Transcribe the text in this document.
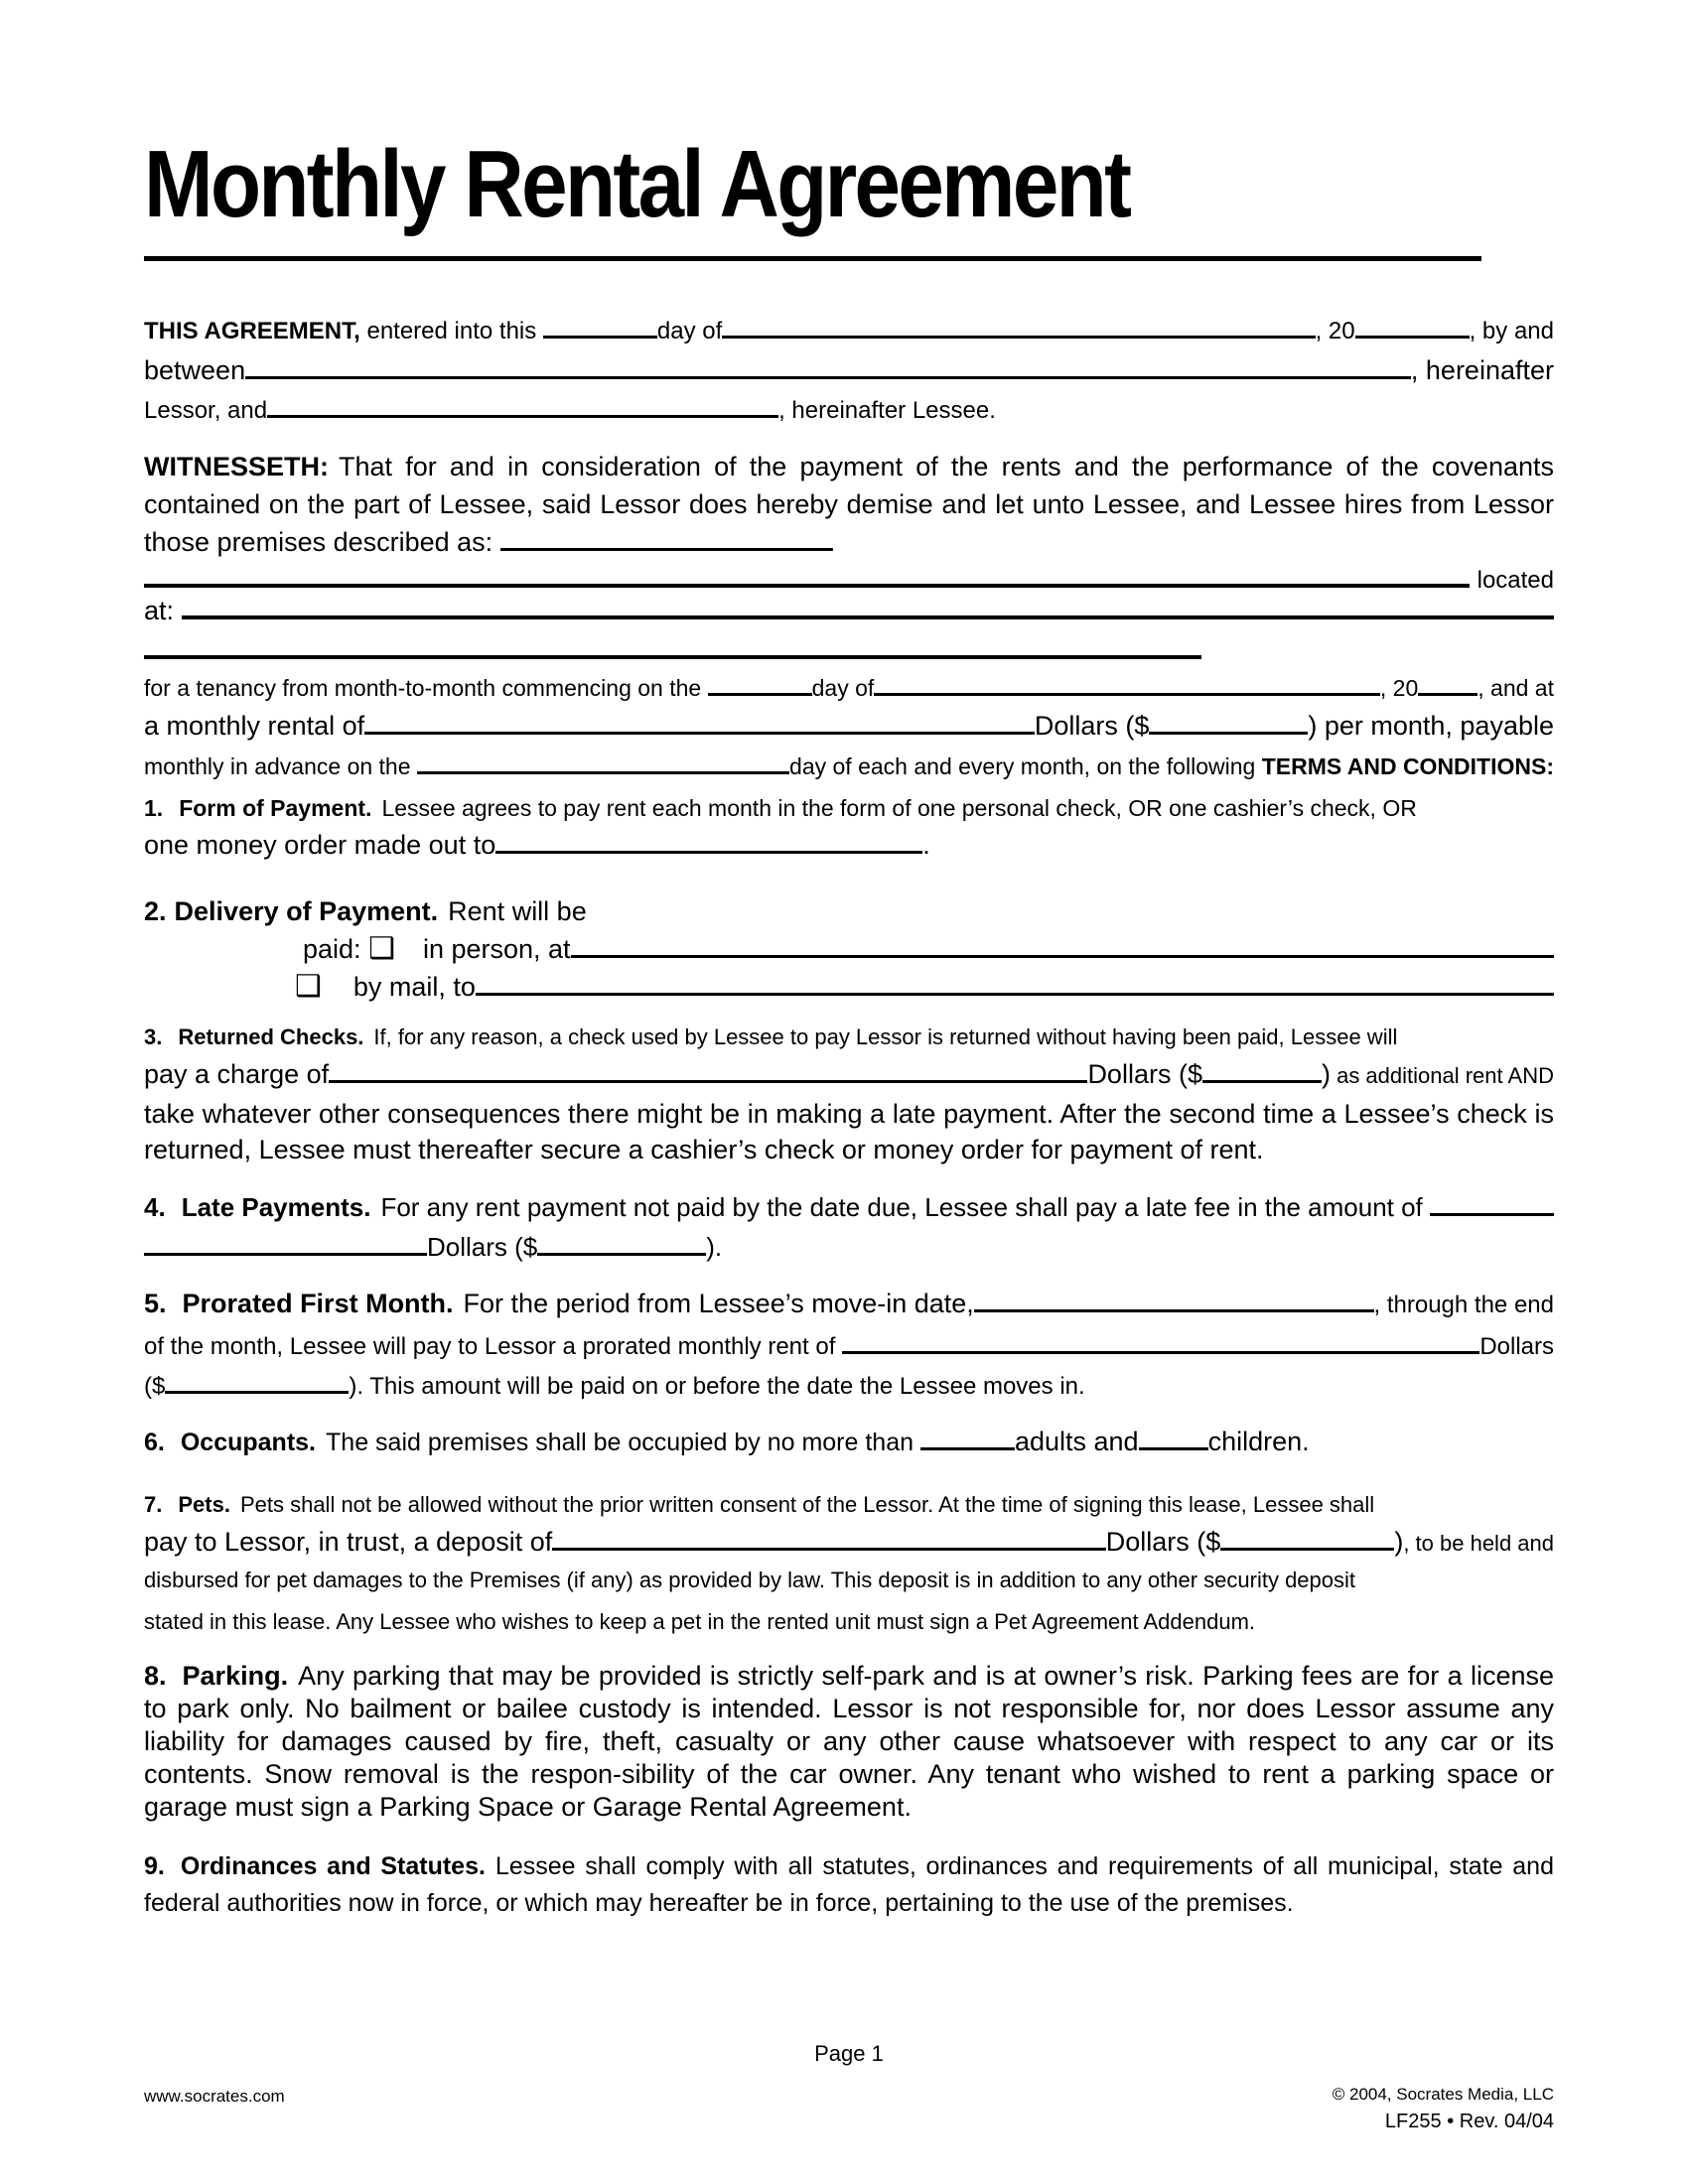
Monthly Rental Agreement
THIS AGREEMENT, entered into this	day of	, 20	, by and
between	, hereinafter
Lessor, and	, hereinafter Lessee.

WITNESSETH: That for and in consideration of the payment of the rents and the performance of the covenants contained on the part of Lessee, said Lessor does hereby demise and let unto Lessee, and Lessee hires from Lessor those premises described as:

located
at:
for a tenancy from month-to-month commencing on the	day of	, 20	, and at
a monthly rental of	Dollars ($	) per month, payable
monthly in advance on the	day of each and every month, on the following TERMS AND CONDITIONS:
1. Form of Payment. Lessee agrees to pay rent each month in the form of one personal check, OR one cashier’s check, OR
one money order made out to	.
2. Delivery of Payment. Rent will be
paid: ❑ in person, at
❑ by mail, to
3. Returned Checks. If, for any reason, a check used by Lessee to pay Lessor is returned without having been paid, Lessee will
pay a charge of	Dollars ($	) as additional rent AND

take whatever other consequences there might be in making a late payment. After the second time a Lessee’s check is returned, Lessee must thereafter secure a cashier’s check or money order for payment of rent.

4. Late Payments. For any rent payment not paid by the date due, Lessee shall pay a late fee in the amount of
Dollars ($	).
5. Prorated First Month. For the period from Lessee’s move-in date,	, through the end
of the month, Lessee will pay to Lessor a prorated monthly rent of	Dollars
($	). This amount will be paid on or before the date the Lessee moves in.
6. Occupants. The said premises shall be occupied by no more than	adults and	children.
7. Pets. Pets shall not be allowed without the prior written consent of the Lessor. At the time of signing this lease, Lessee shall
pay to Lessor, in trust, a deposit of	Dollars ($	) , to be held and
disbursed for pet damages to the Premises (if any) as provided by law. This deposit is in addition to any other security deposit
stated in this lease. Any Lessee who wishes to keep a pet in the rented unit must sign a Pet Agreement Addendum.

8. Parking. Any parking that may be provided is strictly self-park and is at owner’s risk. Parking fees are for a license to park only. No bailment or bailee custody is intended. Lessor is not responsible for, nor does Lessor assume any liability for damages caused by fire, theft, casualty or any other cause whatsoever with respect to any car or its contents. Snow removal is the respon-sibility of the car owner. Any tenant who wished to rent a parking space or garage must sign a Parking Space or Garage Rental Agreement.

9. Ordinances and Statutes. Lessee shall comply with all statutes, ordinances and requirements of all municipal, state and federal authorities now in force, or which may hereafter be in force, pertaining to the use of the premises.

Page 1
www.socrates.com	© 2004, Socrates Media, LLC
LF255 • Rev. 04/04
